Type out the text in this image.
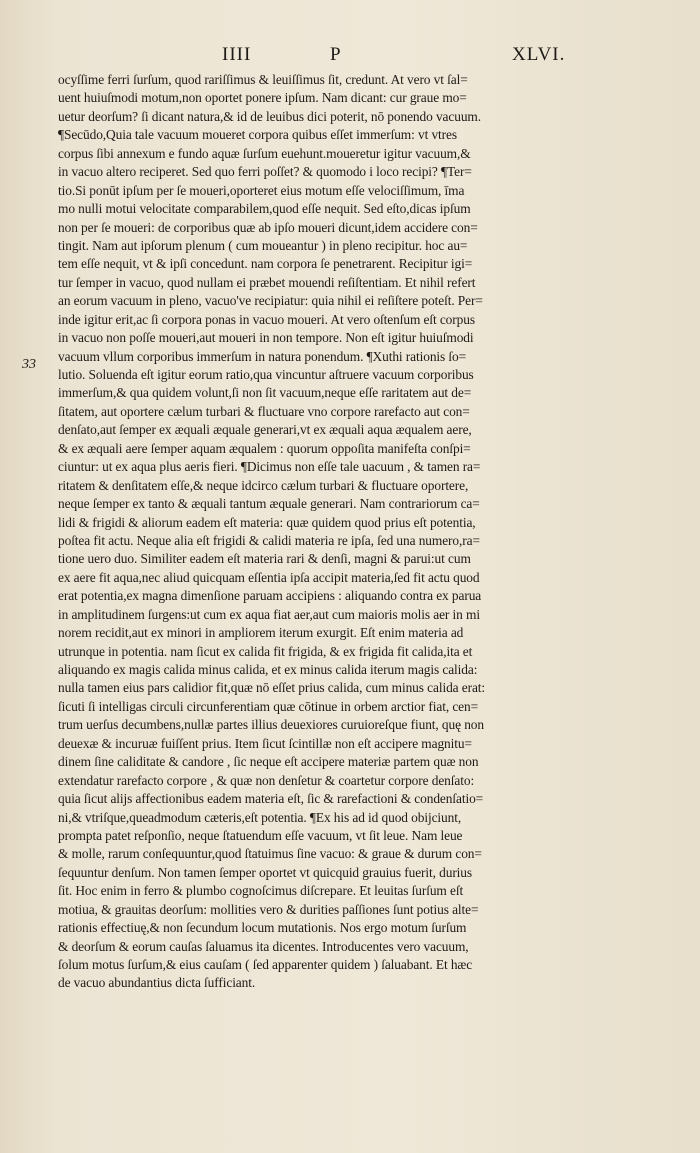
IIII	P	XLVI.
33
ocyſſime ferri ſurſum, quod rariſſimus & leuiſſimus ſit, credunt. At vero vt ſal=
uent huiuſmodi motum,non oportet ponere ipſum. Nam dicant: cur graue mo=
uetur deorſum? ſi dicant natura,& id de leuibus dici poterit, nō ponendo vacuum.
¶Secūdo,Quia tale vacuum moueret corpora quibus eſſet immerſum: vt vtres
corpus ſibi annexum e fundo aquæ ſurſum euehunt.moueretur igitur vacuum,&
in vacuo altero reciperet. Sed quo ferri poſſet? & quomodo i loco recipi? ¶Ter=
tio.Si ponūt ipſum per ſe moueri,oporteret eius motum eſſe velociſſimum, īma
mo nulli motui velocitate comparabilem,quod eſſe nequit. Sed eſto,dicas ipſum
non per ſe moueri: de corporibus quæ ab ipſo moueri dicunt,idem accidere con=
tingit. Nam aut ipſorum plenum ( cum moueantur ) in pleno recipitur. hoc au=
tem eſſe nequit, vt & ipſi concedunt. nam corpora ſe penetrarent. Recipitur igi=
tur ſemper in vacuo, quod nullam ei præbet mouendi reſiſtentiam. Et nihil refert
an eorum vacuum in pleno, vacuo've recipiatur: quia nihil ei reſiſtere poteſt. Per=
inde igitur erit,ac ſi corpora ponas in vacuo moueri. At vero oſtenſum eſt corpus
in vacuo non poſſe moueri,aut moueri in non tempore. Non eſt igitur huiuſmodi
vacuum vllum corporibus immerſum in natura ponendum. ¶Xuthi rationis ſo=
lutio. Soluenda eſt igitur eorum ratio,qua vincuntur aſtruere vacuum corporibus
immerſum,& qua quidem volunt,ſi non ſit vacuum,neque eſſe raritatem aut de=
ſitatem, aut oportere cælum turbari & fluctuare vno corpore rarefacto aut con=
denſato,aut ſemper ex æquali æquale generari,vt ex æquali aqua æqualem aere,
& ex æquali aere ſemper aquam æqualem : quorum oppoſita manifeſta conſpi=
ciuntur: ut ex aqua plus aeris fieri. ¶Dicimus non eſſe tale uacuum , & tamen ra=
ritatem & denſitatem eſſe,& neque idcirco cælum turbari & fluctuare oportere,
neque ſemper ex tanto & æquali tantum æquale generari. Nam contrariorum ca=
lidi & frigidi & aliorum eadem eſt materia: quæ quidem quod prius eſt potentia,
poſtea fit actu. Neque alia eſt frigidi & calidi materia re ipſa, ſed una numero,ra=
tione uero duo. Similiter eadem eſt materia rari & denſi, magni & parui:ut cum
ex aere fit aqua,nec aliud quicquam eſſentia ipſa accipit materia,ſed fit actu quod
erat potentia,ex magna dimenſione paruam accipiens : aliquando contra ex parua
in amplitudinem ſurgens:ut cum ex aqua fiat aer,aut cum maioris molis aer in mi
norem recidit,aut ex minori in ampliorem iterum exurgit. Eſt enim materia ad
utrunque in potentia. nam ſicut ex calida fit frigida, & ex frigida fit calida,ita et
aliquando ex magis calida minus calida, et ex minus calida iterum magis calida:
nulla tamen eius pars calidior fit,quæ nō eſſet prius calida, cum minus calida erat:
ſicuti ſi intelligas circuli circunferentiam quæ cōtinue in orbem arctior fiat, cen=
trum uerſus decumbens,nullæ partes illius deuexiores curuioreſque fiunt, quę non
deuexæ & incuruæ fuiſſent prius. Item ſicut ſcintillæ non eſt accipere magnitu=
dinem ſine caliditate & candore , ſic neque eſt accipere materiæ partem quæ non
extendatur rarefacto corpore , & quæ non denſetur & coartetur corpore denſato:
quia ſicut alijs affectionibus eadem materia eſt, ſic & rarefactioni & condenſatio=
ni,& vtriſque,queadmodum cæteris,eſt potentia. ¶Ex his ad id quod obijciunt,
prompta patet reſponſio, neque ſtatuendum eſſe vacuum, vt ſit leue. Nam leue
& molle, rarum conſequuntur,quod ſtatuimus ſine vacuo: & graue & durum con=
ſequuntur denſum. Non tamen ſemper oportet vt quicquid grauius fuerit, durius
ſit. Hoc enim in ferro & plumbo cognoſcimus diſcrepare. Et leuitas ſurſum eſt
motiua, & grauitas deorſum: mollities vero & durities paſſiones ſunt potius alte=
rationis effectiuę,& non ſecundum locum mutationis. Nos ergo motum ſurſum
& deorſum & eorum cauſas ſaluamus ita dicentes. Introducentes vero vacuum,
ſolum motus ſurſum,& eius cauſam ( ſed apparenter quidem ) ſaluabant. Et hæc
de vacuo abundantius dicta ſufficiant.
